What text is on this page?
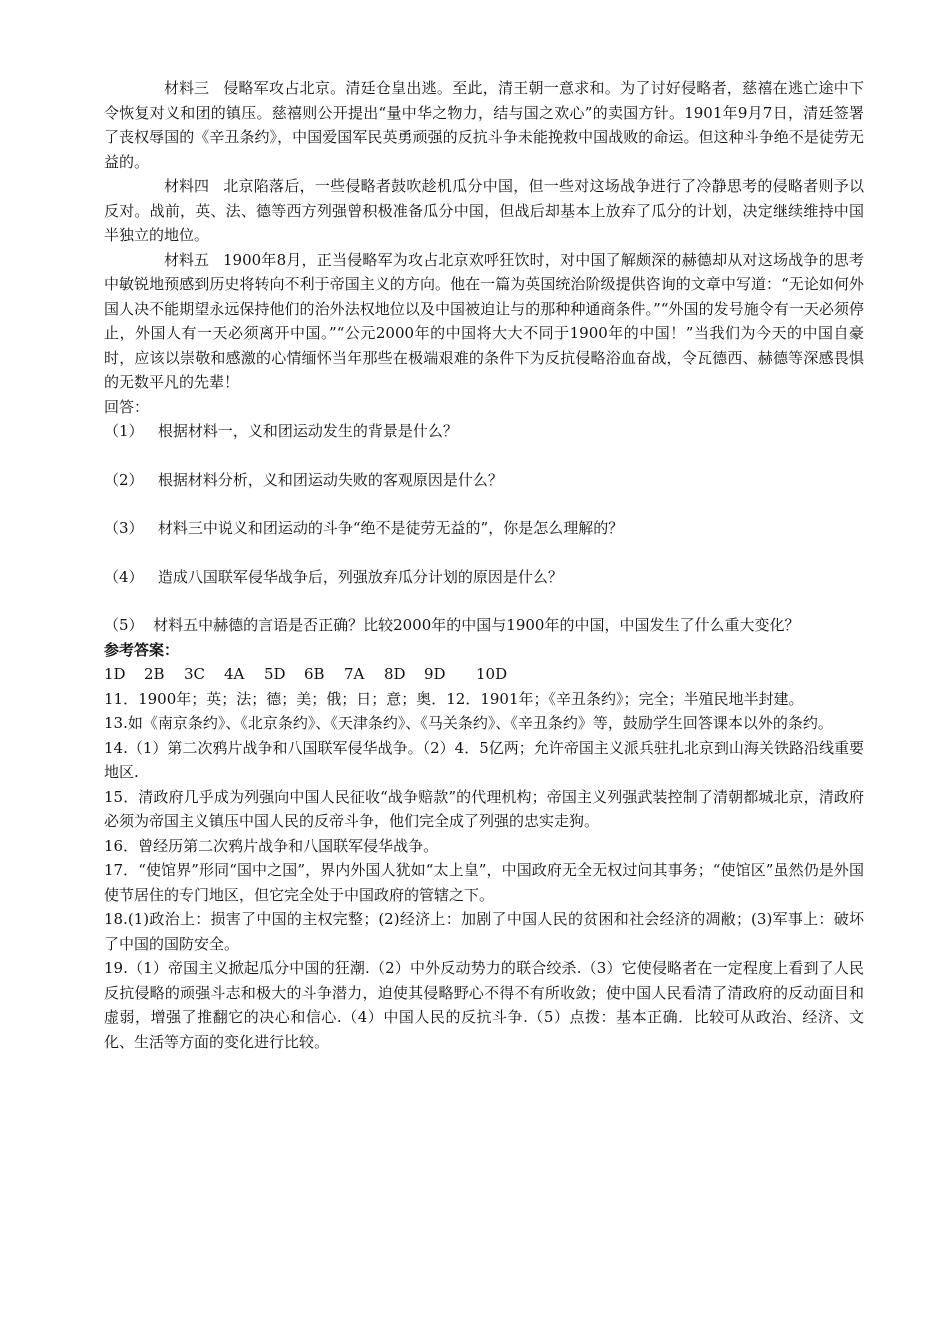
材料三 侵略军攻占北京。清廷仓皇出逃。至此，清王朝一意求和。为了讨好侵略者，慈禧在逃亡途中下令恢复对义和团的镇压。慈禧则公开提出“量中华之物力，结与国之欢心”的卖国方针。1901年9月7日，清廷签署了丧权辱国的《辛丑条约》，中国爱国军民英勇顽强的反抗斗争未能挽救中国战败的命运。但这种斗争绝不是徒劳无益的。

材料四 北京陷落后，一些侵略者鼓吹趁机瓜分中国，但一些对这场战争进行了冷静思考的侵略者则予以反对。战前，英、法、德等西方列强曾积极准备瓜分中国，但战后却基本上放弃了瓜分的计划，决定继续维持中国半独立的地位。

材料五 1900年8月，正当侵略军为攻占北京欢呼狂饮时，对中国了解颇深的赫德却从对这场战争的思考中敏锐地预感到历史将转向不利于帝国主义的方向。他在一篇为英国统治阶级提供咨询的文章中写道：“无论如何外国人决不能期望永远保持他们的治外法权地位以及中国被迫让与的那种种通商条件。”“外国的发号施令有一天必须停止，外国人有一天必须离开中国。”“公元2000年的中国将大大不同于1900年的中国！”当我们为今天的中国自豪时，应该以崇敬和感激的心情缅怀当年那些在极端艰难的条件下为反抗侵略浴血奋战，令瓦德西、赫德等深感畏惧的无数平凡的先辈！

回答：

（1） 根据材料一，义和团运动发生的背景是什么？

（2） 根据材料分析，义和团运动失败的客观原因是什么？

（3） 材料三中说义和团运动的斗争“绝不是徒劳无益的”，你是怎么理解的？

（4） 造成八国联军侵华战争后，列强放弃瓜分计划的原因是什么？

（5） 材料五中赫德的言语是否正确？比较2000年的中国与1900年的中国，中国发生了什么重大变化？

参考答案：

1D	2B	3C	4A	5D	6B	7A	8D	9D	10D

11．1900年；英；法；德；美；俄；日；意；奥．12．1901年；《辛丑条约》；完全；半殖民地半封建。

13.如《南京条约》、《北京条约》、《天津条约》、《马关条约》、《辛丑条约》等，鼓励学生回答课本以外的条约。

14.（1）第二次鸦片战争和八国联军侵华战争。（2）4．5亿两；允许帝国主义派兵驻扎北京到山海关铁路沿线重要地区.

15．清政府几乎成为列强向中国人民征收“战争赔款”的代理机构；帝国主义列强武装控制了清朝都城北京，清政府必须为帝国主义镇压中国人民的反帝斗争，他们完全成了列强的忠实走狗。

16．曾经历第二次鸦片战争和八国联军侵华战争。

17．“使馆界”形同“国中之国”，界内外国人犹如“太上皇”，中国政府无全无权过问其事务；“使馆区”虽然仍是外国使节居住的专门地区，但它完全处于中国政府的管辖之下。

18.(1)政治上：损害了中国的主权完整；(2)经济上：加剧了中国人民的贫困和社会经济的凋敝；(3)军事上：破坏了中国的国防安全。

19.（1）帝国主义掀起瓜分中国的狂潮.（2）中外反动势力的联合绞杀.（3）它使侵略者在一定程度上看到了人民反抗侵略的顽强斗志和极大的斗争潜力，迫使其侵略野心不得不有所收敛；使中国人民看清了清政府的反动面目和虚弱，增强了推翻它的决心和信心.（4）中国人民的反抗斗争.（5）点拨：基本正确．比较可从政治、经济、文化、生活等方面的变化进行比较。
